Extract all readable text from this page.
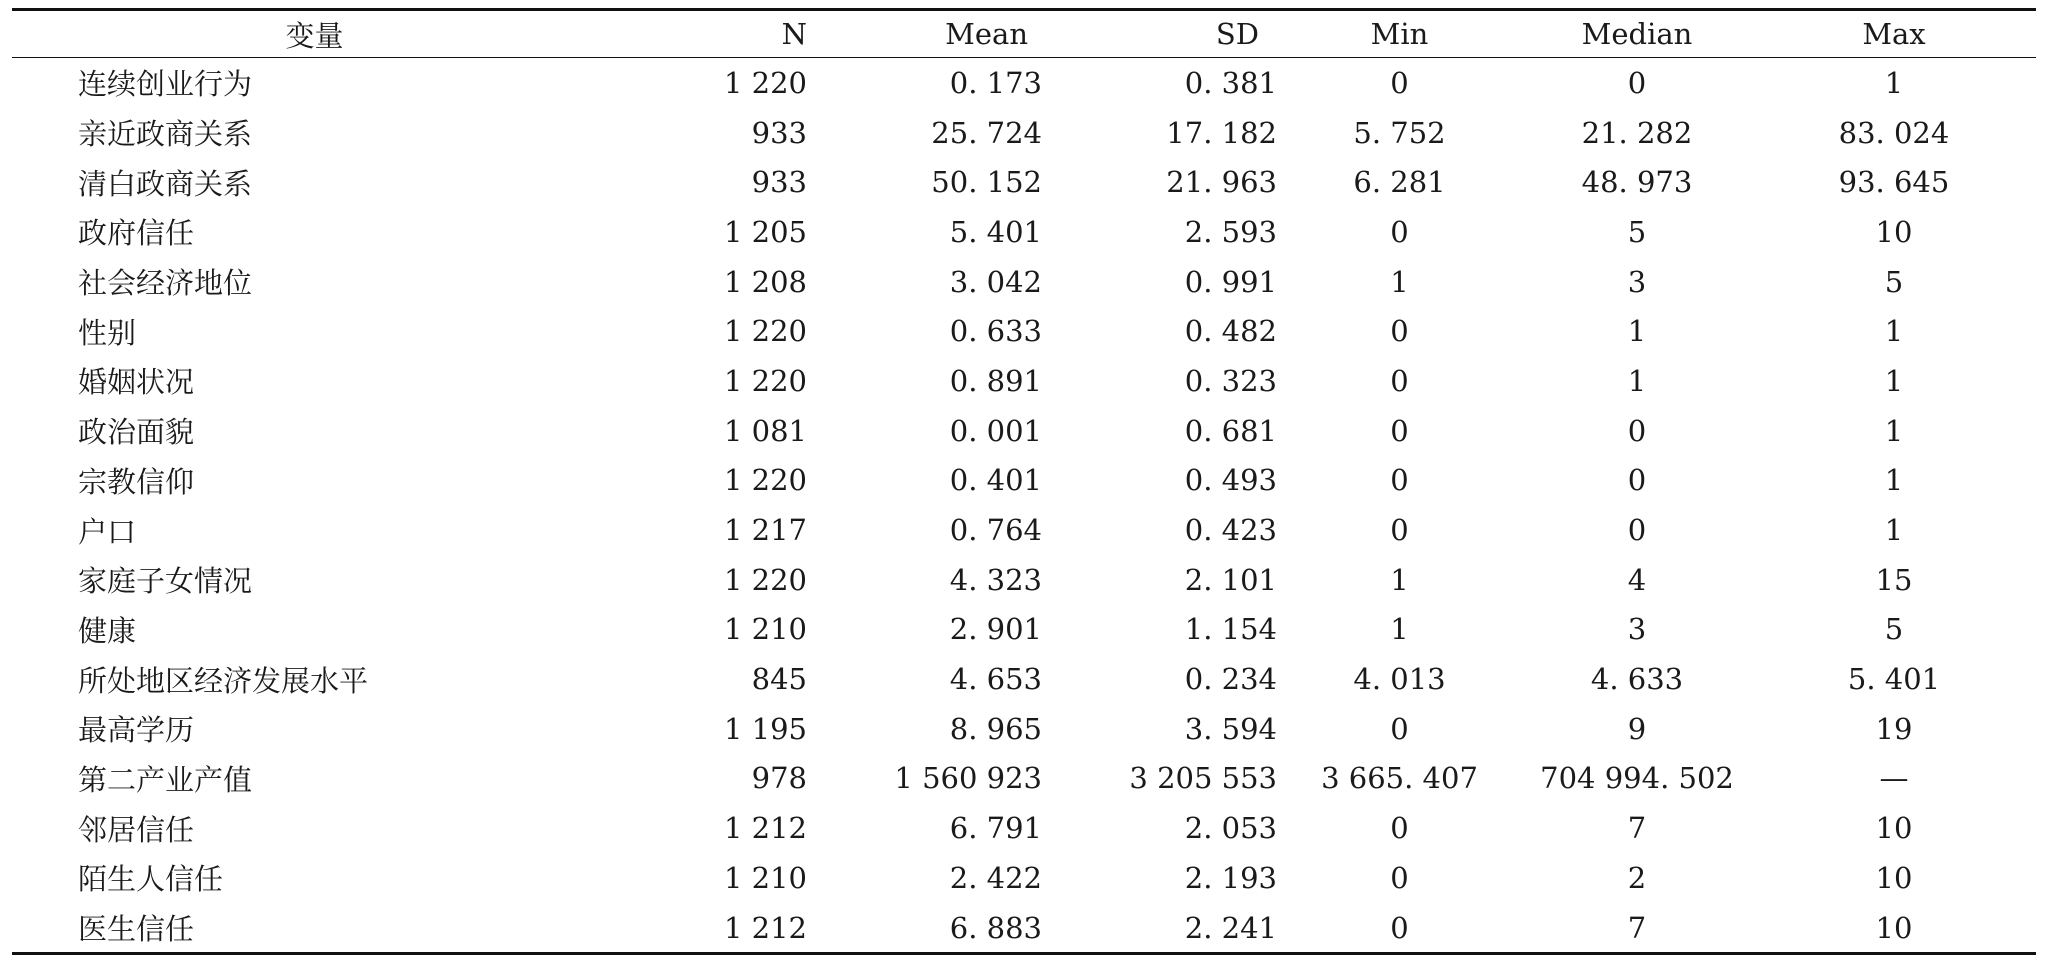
变量	N	Mean	SD	Min	Median	Max
连续创业行为	1 220	0. 173	0. 381	0	0	1
亲近政商关系	933	25. 724	17. 182	5. 752	21. 282	83. 024
清白政商关系	933	50. 152	21. 963	6. 281	48. 973	93. 645
政府信任	1 205	5. 401	2. 593	0	5	10
社会经济地位	1 208	3. 042	0. 991	1	3	5
性别	1 220	0. 633	0. 482	0	1	1
婚姻状况	1 220	0. 891	0. 323	0	1	1
政治面貌	1 081	0. 001	0. 681	0	0	1
宗教信仰	1 220	0. 401	0. 493	0	0	1
户口	1 217	0. 764	0. 423	0	0	1
家庭子女情况	1 220	4. 323	2. 101	1	4	15
健康	1 210	2. 901	1. 154	1	3	5
所处地区经济发展水平	845	4. 653	0. 234	4. 013	4. 633	5. 401
最高学历	1 195	8. 965	3. 594	0	9	19
第二产业产值	978	1 560 923	3 205 553	3 665. 407	704 994. 502	—
邻居信任	1 212	6. 791	2. 053	0	7	10
陌生人信任	1 210	2. 422	2. 193	0	2	10
医生信任	1 212	6. 883	2. 241	0	7	10
